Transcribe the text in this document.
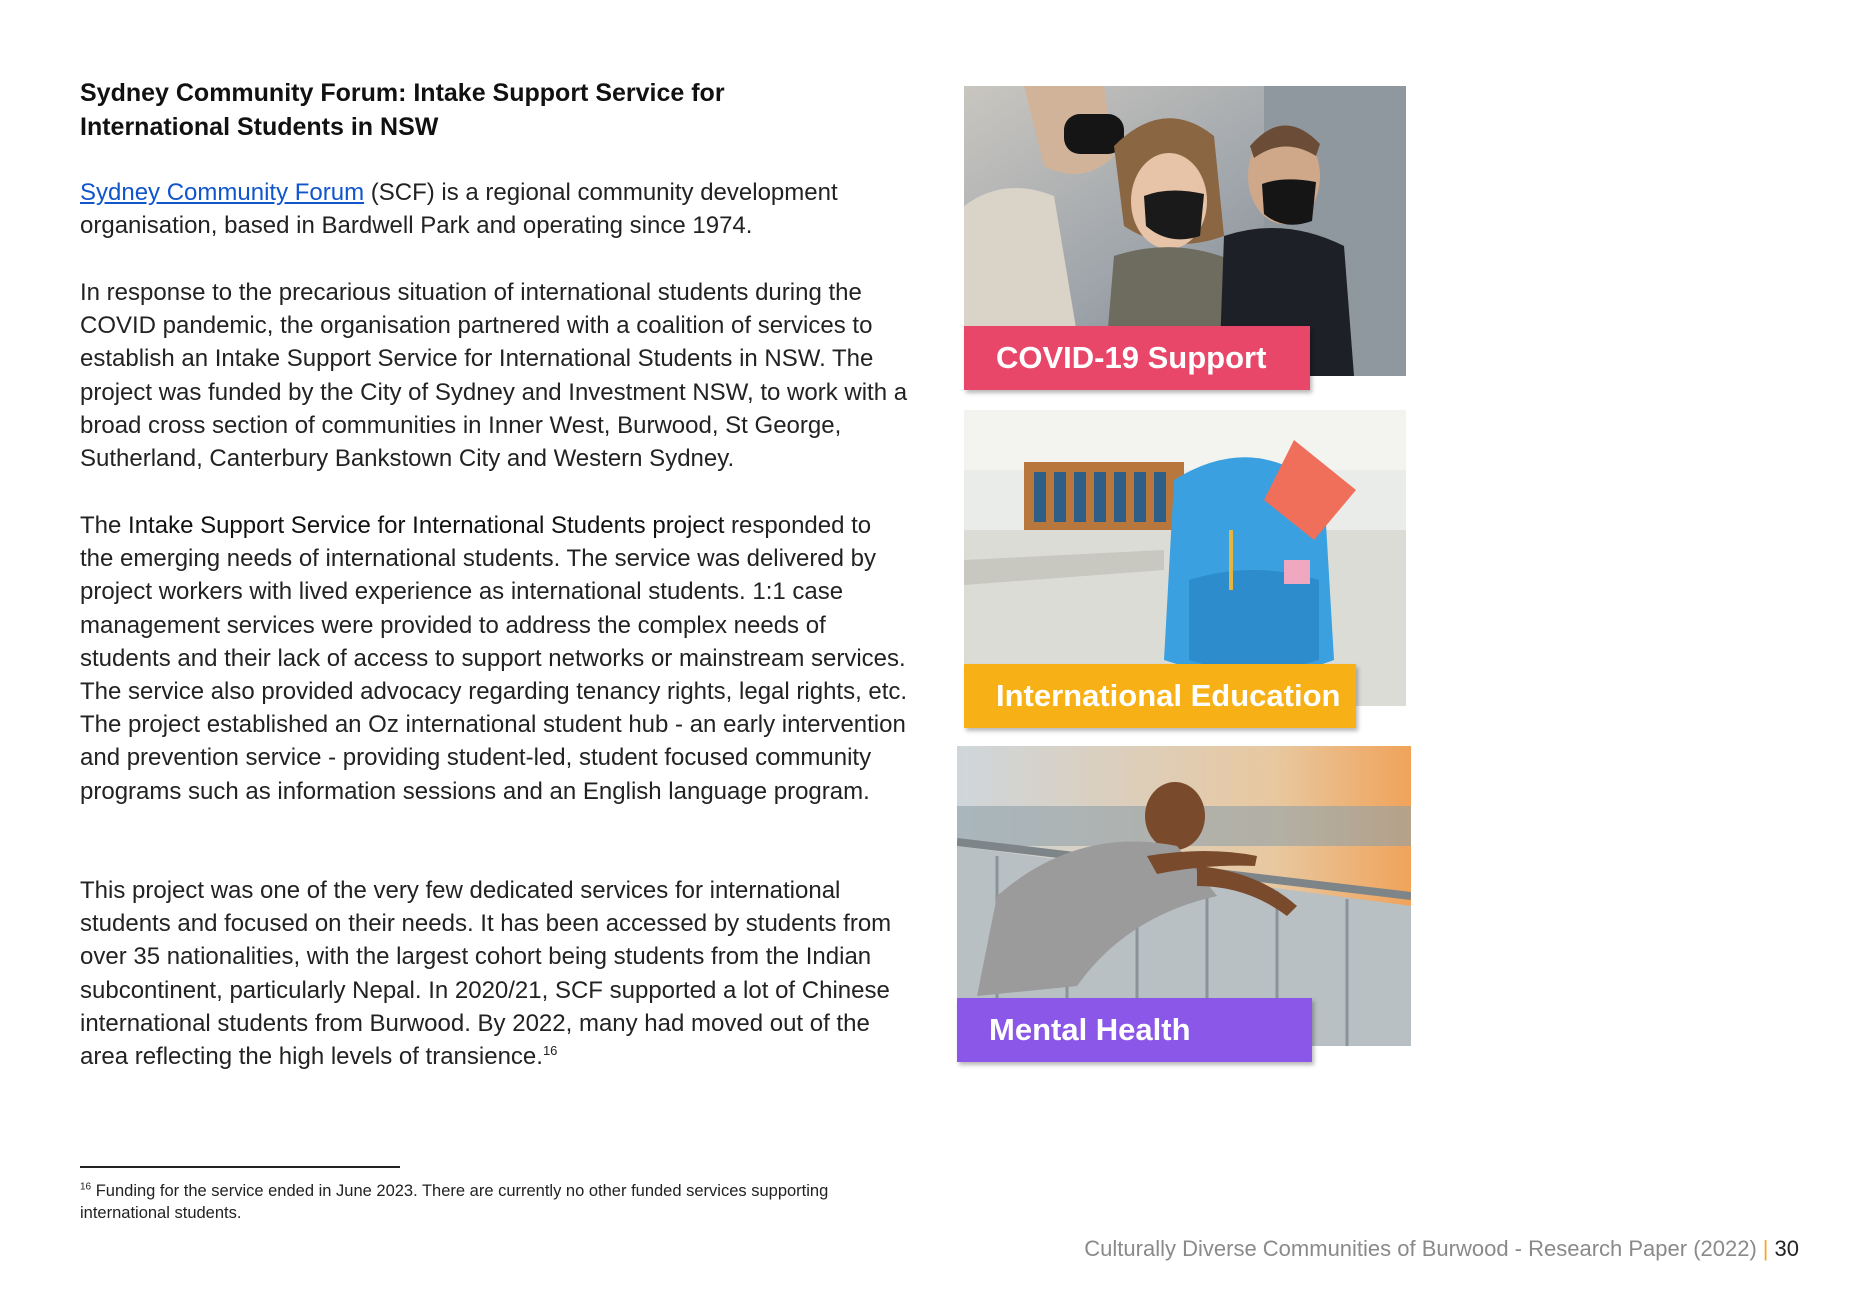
Sydney Community Forum: Intake Support Service for International Students in NSW
Sydney Community Forum (SCF) is a regional community development organisation, based in Bardwell Park and operating since 1974.
In response to the precarious situation of international students during the COVID pandemic, the organisation partnered with a coalition of services to establish an Intake Support Service for International Students in NSW. The project was funded by the City of Sydney and Investment NSW, to work with a broad cross section of communities in Inner West, Burwood, St George, Sutherland, Canterbury Bankstown City and Western Sydney.
The Intake Support Service for International Students project responded to the emerging needs of international students. The service was delivered by project workers with lived experience as international students. 1:1 case management services were provided to address the complex needs of students and their lack of access to support networks or mainstream services. The service also provided advocacy regarding tenancy rights, legal rights, etc. The project established an Oz international student hub - an early intervention and prevention service - providing student-led, student focused community programs such as information sessions and an English language program.
This project was one of the very few dedicated services for international students and focused on their needs. It has been accessed by students from over 35 nationalities, with the largest cohort being students from the Indian subcontinent, particularly Nepal. In 2020/21, SCF supported a lot of Chinese international students from Burwood. By 2022, many had moved out of the area reflecting the high levels of transience.$^{16}$
$^{16}$ Funding for the service ended in June 2023. There are currently no other funded services supporting international students.
COVID-19 Support
International Education
Mental Health
Culturally Diverse Communities of Burwood - Research Paper (2022) | 30
